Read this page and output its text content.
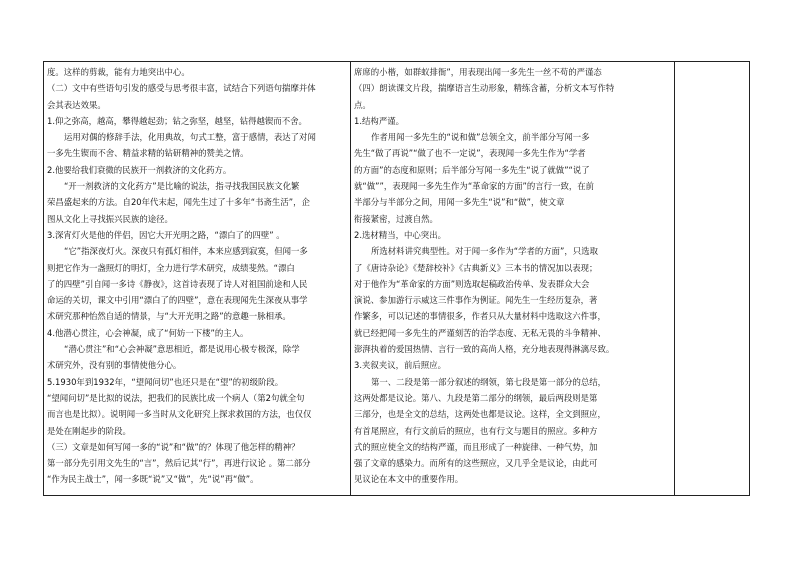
度。这样的剪裁，能有力地突出中心。

（二）文中有些语句引发的感受与思考很丰富，试结合下列语句揣摩并体

会其表达效果。

1.仰之弥高，越高，攀得越起劲；钻之弥坚，越坚，钻得越锲而不舍。

运用对偶的修辞手法，化用典故，句式工整，富于感情，表达了对闻

一多先生锲而不舍、精益求精的钻研精神的赞美之情。

2.他要给我们衰微的民族开一剂救济的文化药方。

“开一剂救济的文化药方”是比喻的说法，指寻找我国民族文化繁

荣昌盛起来的方法。自20年代末起，闻先生过了十多年“书斋生活”，企

图从文化上寻找振兴民族的途径。

3.深宵灯火是他的伴侣，因它大开光明之路，“漂白了的四壁” 。

“它”指深夜灯火。深夜只有孤灯相伴，本来应感到寂寞，但闻一多

则把它作为一盏照灯的明灯，全力进行学术研究，成绩斐然。“漂白

了的四壁”引自闻一多诗《静夜》，这首诗表现了诗人对祖国前途和人民

命运的关切，课文中引用“漂白了的四壁”，意在表现闻先生深夜从事学

术研究那种怡然自适的情景，与“大开光明之路”的意趣一脉相承。

4.他潜心贯注，心会神凝，成了“何妨一下楼”的主人。

“潜心贯注”和“心会神凝”意思相近，都是说用心极专极深，除学

术研究外，没有别的事情使他分心。

5.1930年到1932年，“望闻问切”也还只是在“望”的初级阶段。

“望闻问切”是比拟的说法，把我们的民族比成一个病人（第2句就全句

而言也是比拟）。说明闻一多当时从文化研究上探求救国的方法，也仅仅

是处在刚起步的阶段。

（三）文章是如何写闻一多的“说”和“做”的？体现了他怎样的精神？

第一部分先引用文先生的“言”，然后记其“行”，再进行议论 。第二部分

“作为民主战士”，闻一多既“说”又“做”，先“说”再“做”。

席席的小楷，如群蚁排衙”，用表现出闻一多先生一丝不苟的严谨态

（四）朗读课文片段，揣摩语言生动形象，精练含蓄，分析文本写作特

点。

1.结构严谨。

作者用闻一多先生的“说和做”总领全文，前半部分写闻一多

先生“做了再说”“做了也不一定说”，表现闻一多先生作为“学者

的方面”的态度和原则；后半部分写闻一多先生“说了就做”“说了

就“做””，表现闻一多先生作为“革命家的方面”的言行一致，在前

半部分与半部分之间，用闻一多先生“说”和“做”，使文章

衔接紧密，过渡自然。

2.选材精当，中心突出。

所选材料讲究典型性。对于闻一多作为“学者的方面”，只选取

了《唐诗杂论》《楚辞校补》《古典新义》三本书的情况加以表现；

对于他作为“革命家的方面”则选取起稿政治传单、发表群众大会

演说、参加游行示威这三件事作为例证。闻先生一生经历复杂，著

作繁多，可以记述的事情很多，作者只从大量材料中选取这六件事，

就已经把闻一多先生的严谨刻苦的治学态度、无私无畏的斗争精神、

澎湃执着的爱国热情、言行一致的高尚人格，充分地表现得淋漓尽致。

3.夹叙夹议，前后照应。

第一、二段是第一部分叙述的纲领，第七段是第一部分的总结，

这两处都是议论。第八、九段是第二部分的纲领，最后两段则是第

三部分，也是全文的总结，这两处也都是议论。这样，全文到照应，

有首尾照应，有行文前后的照应，也有行文与题目的照应。多种方

式的照应使全文的结构严谨，而且形成了一种旋律、一种气势，加

强了文章的感染力。而所有的这些照应，又几乎全是议论，由此可

见议论在本文中的重要作用。
